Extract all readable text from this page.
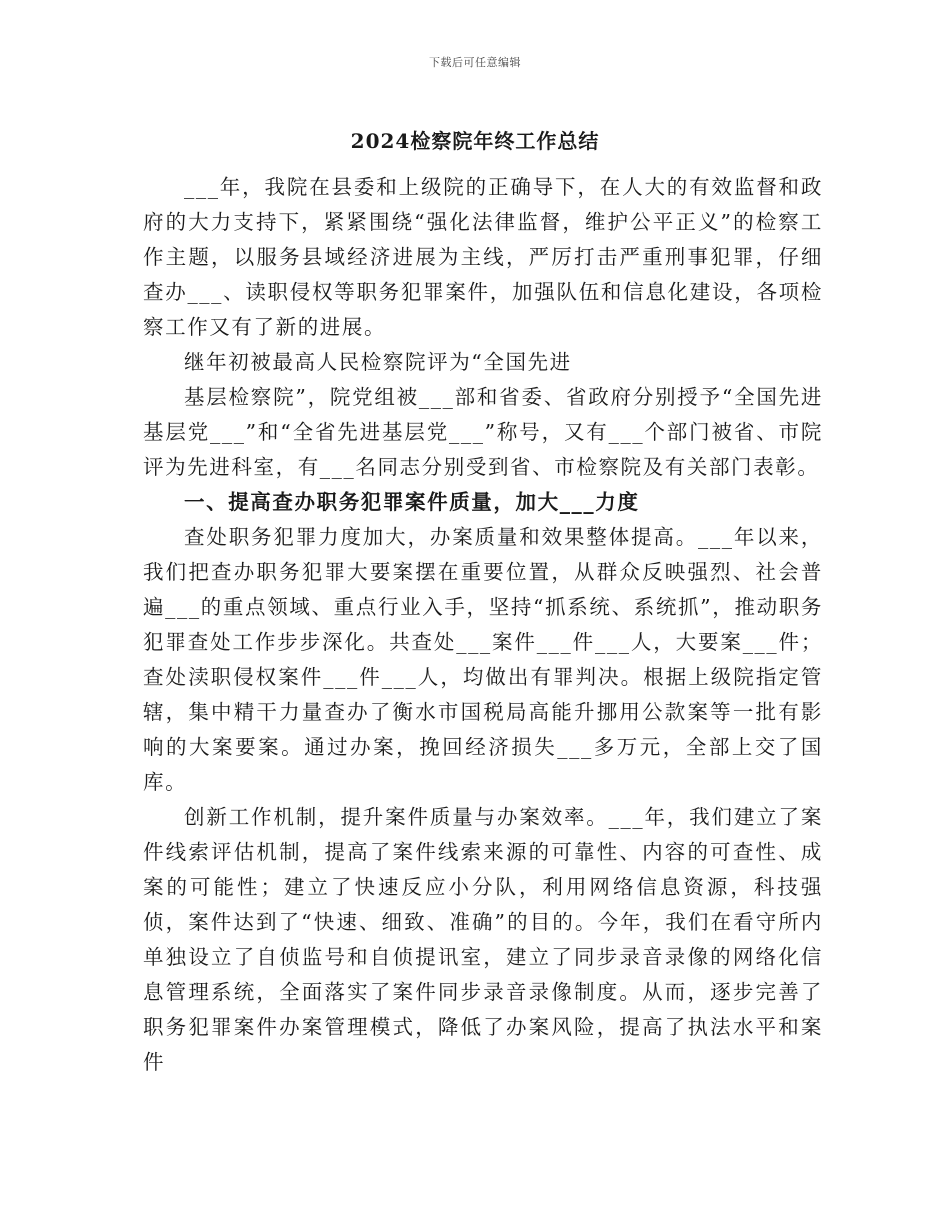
下载后可任意编辑
2024检察院年终工作总结

___年，我院在县委和上级院的正确导下，在人大的有效监督和政府的大力支持下，紧紧围绕“强化法律监督，维护公平正义”的检察工作主题，以服务县域经济进展为主线，严厉打击严重刑事犯罪，仔细查办___、读职侵权等职务犯罪案件，加强队伍和信息化建设，各项检察工作又有了新的进展。

继年初被最高人民检察院评为“全国先进

基层检察院”，院党组被___部和省委、省政府分别授予“全国先进基层党___”和“全省先进基层党___”称号，又有___个部门被省、市院评为先进科室，有___名同志分别受到省、市检察院及有关部门表彰。

一、提高查办职务犯罪案件质量，加大___力度

查处职务犯罪力度加大，办案质量和效果整体提高。___年以来，我们把查办职务犯罪大要案摆在重要位置，从群众反映强烈、社会普遍___的重点领域、重点行业入手，坚持“抓系统、系统抓”，推动职务犯罪查处工作步步深化。共查处___案件___件___人，大要案___件；查处渎职侵权案件___件___人，均做出有罪判决。根据上级院指定管辖，集中精干力量查办了衡水市国税局高能升挪用公款案等一批有影响的大案要案。通过办案，挽回经济损失___多万元，全部上交了国库。

创新工作机制，提升案件质量与办案效率。___年，我们建立了案件线索评估机制，提高了案件线索来源的可靠性、内容的可查性、成案的可能性；建立了快速反应小分队，利用网络信息资源，科技强侦，案件达到了“快速、细致、准确”的目的。今年，我们在看守所内单独设立了自侦监号和自侦提讯室，建立了同步录音录像的网络化信息管理系统，全面落实了案件同步录音录像制度。从而，逐步完善了职务犯罪案件办案管理模式，降低了办案风险，提高了执法水平和案件
